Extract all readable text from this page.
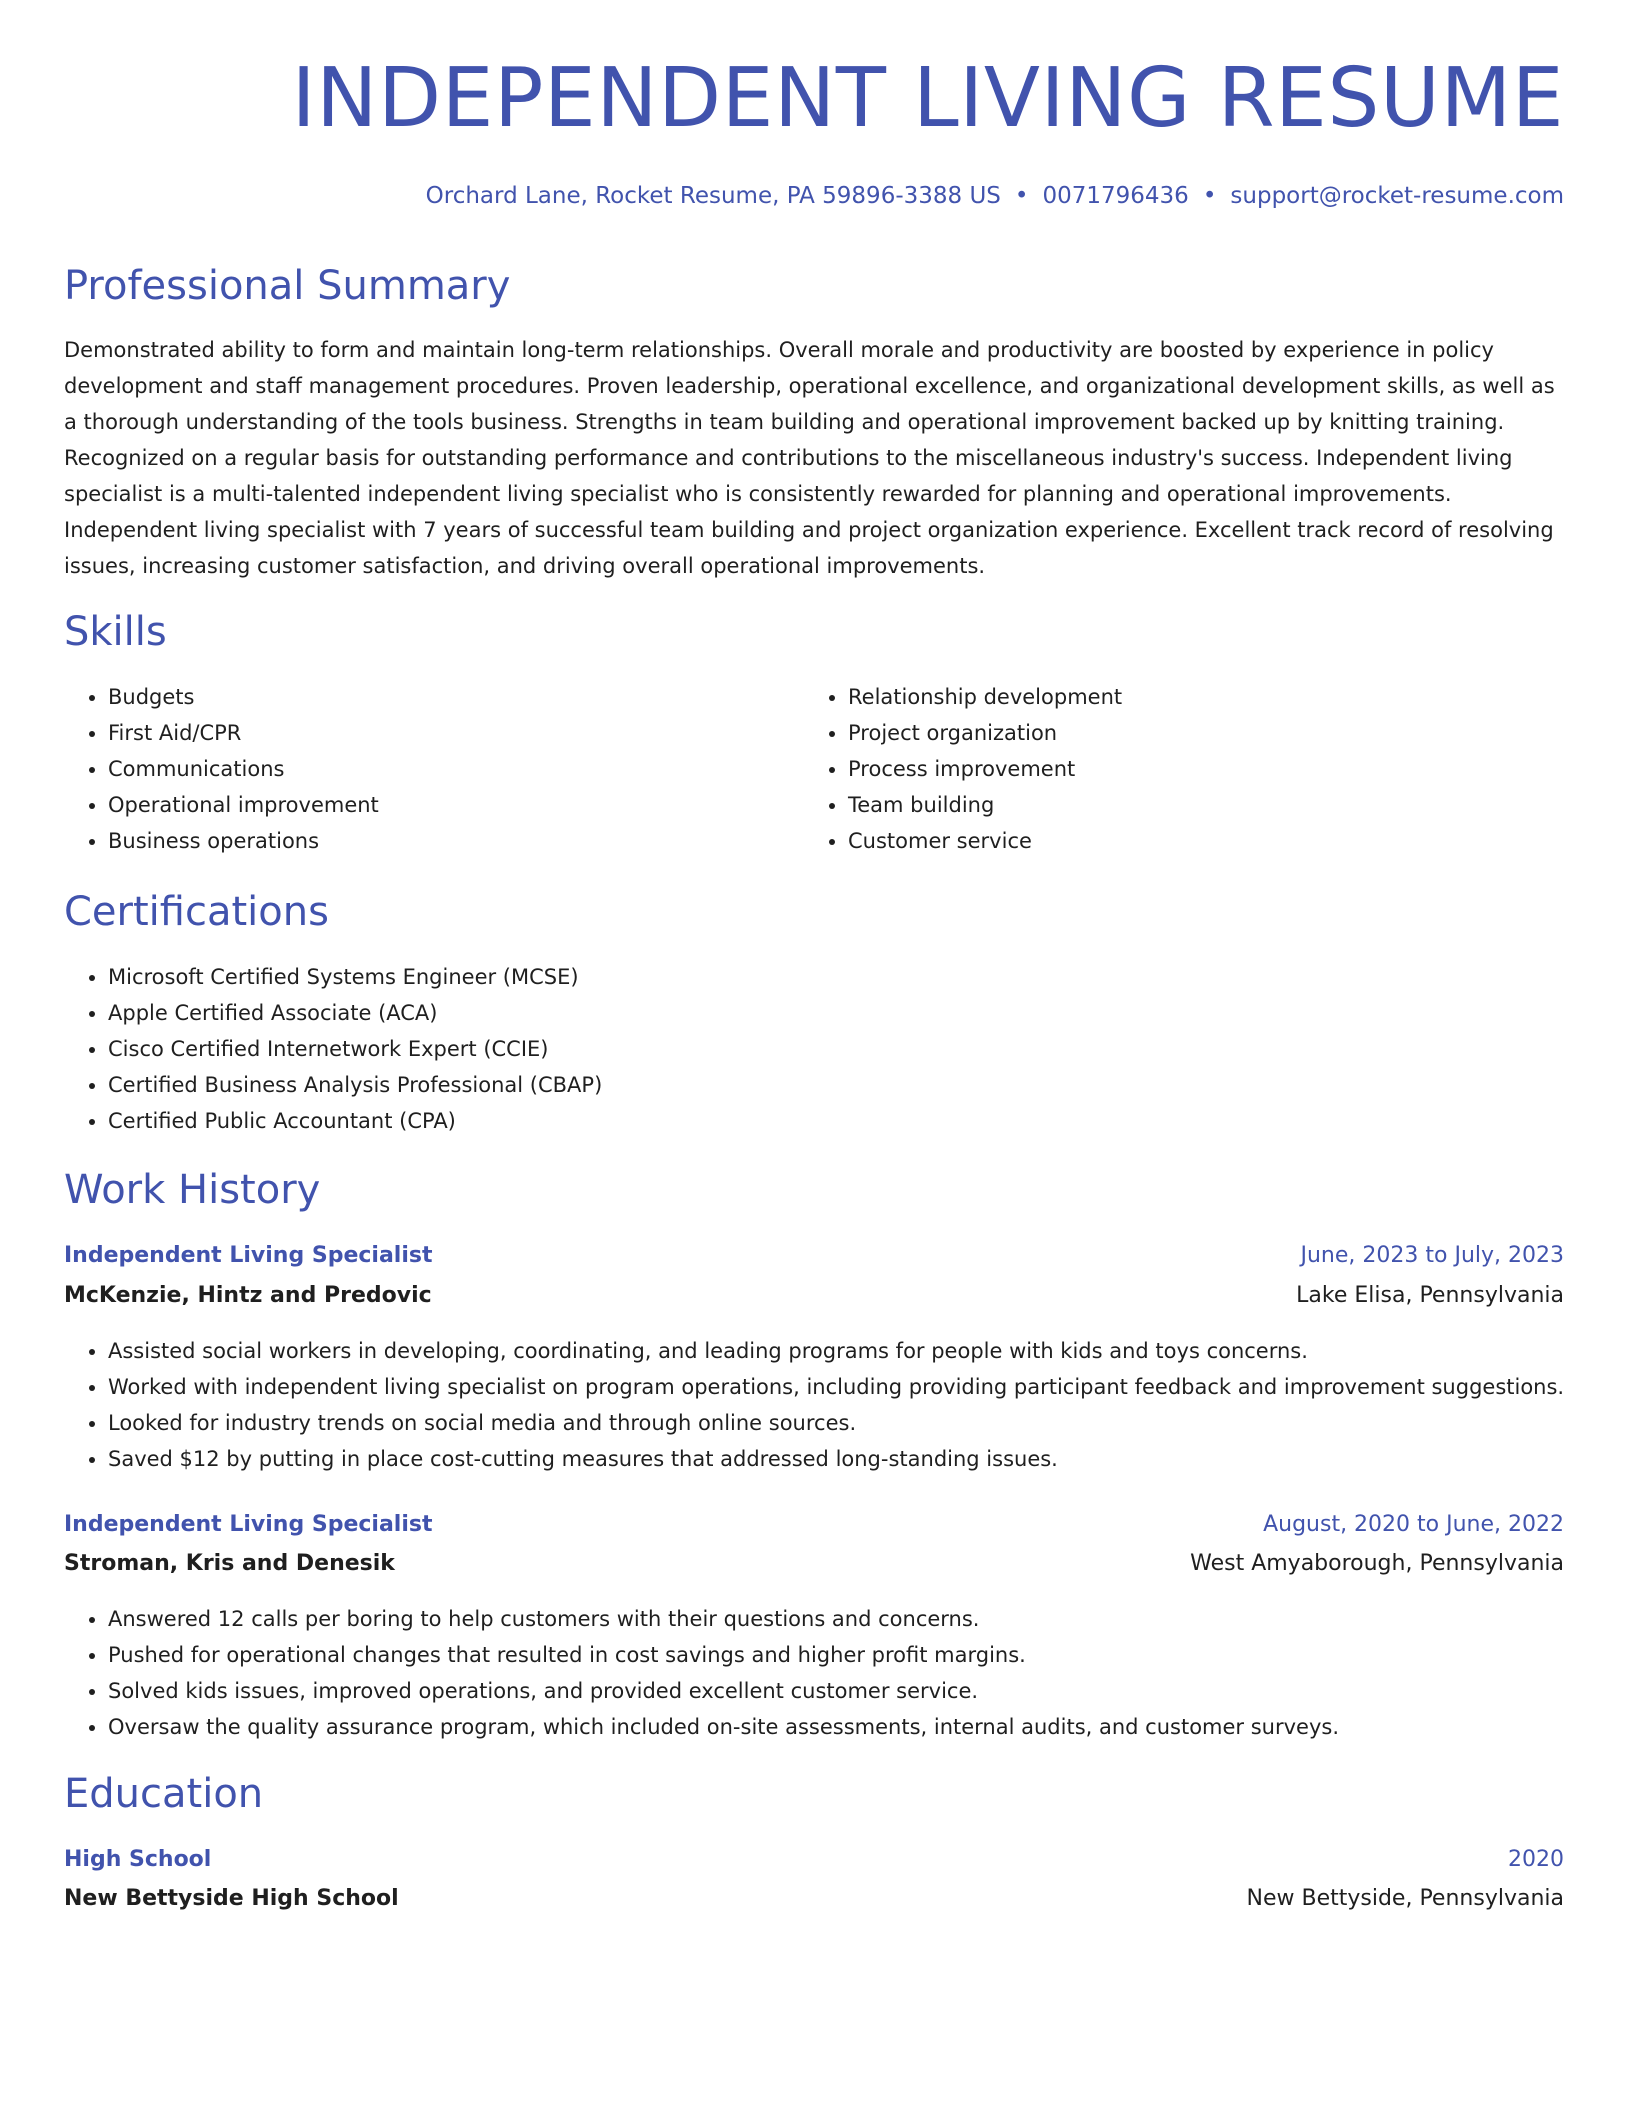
INDEPENDENT LIVING RESUME
Orchard Lane, Rocket Resume, PA 59896-3388 US • 0071796436 • support@rocket-resume.com
Professional Summary

Demonstrated ability to form and maintain long-term relationships. Overall morale and productivity are boosted by experience in policy development and staff management procedures. Proven leadership, operational excellence, and organizational development skills, as well as a thorough understanding of the tools business. Strengths in team building and operational improvement backed up by knitting training. Recognized on a regular basis for outstanding performance and contributions to the miscellaneous industry's success. Independent living specialist is a multi-talented independent living specialist who is consistently rewarded for planning and operational improvements. Independent living specialist with 7 years of successful team building and project organization experience. Excellent track record of resolving issues, increasing customer satisfaction, and driving overall operational improvements.

Skills
• Budgets
• First Aid/CPR
• Communications
• Operational improvement
• Business operations
• Relationship development
• Project organization
• Process improvement
• Team building
• Customer service
Certifications
• Microsoft Certified Systems Engineer (MCSE)
• Apple Certified Associate (ACA)
• Cisco Certified Internetwork Expert (CCIE)
• Certified Business Analysis Professional (CBAP)
• Certified Public Accountant (CPA)
Work History
Independent Living Specialist	June, 2023 to July, 2023
McKenzie, Hintz and Predovic	Lake Elisa, Pennsylvania
• Assisted social workers in developing, coordinating, and leading programs for people with kids and toys concerns.
• Worked with independent living specialist on program operations, including providing participant feedback and improvement suggestions.
• Looked for industry trends on social media and through online sources.
• Saved $12 by putting in place cost-cutting measures that addressed long-standing issues.
Independent Living Specialist	August, 2020 to June, 2022
Stroman, Kris and Denesik	West Amyaborough, Pennsylvania
• Answered 12 calls per boring to help customers with their questions and concerns.
• Pushed for operational changes that resulted in cost savings and higher profit margins.
• Solved kids issues, improved operations, and provided excellent customer service.
• Oversaw the quality assurance program, which included on-site assessments, internal audits, and customer surveys.
Education
High School	2020
New Bettyside High School	New Bettyside, Pennsylvania
